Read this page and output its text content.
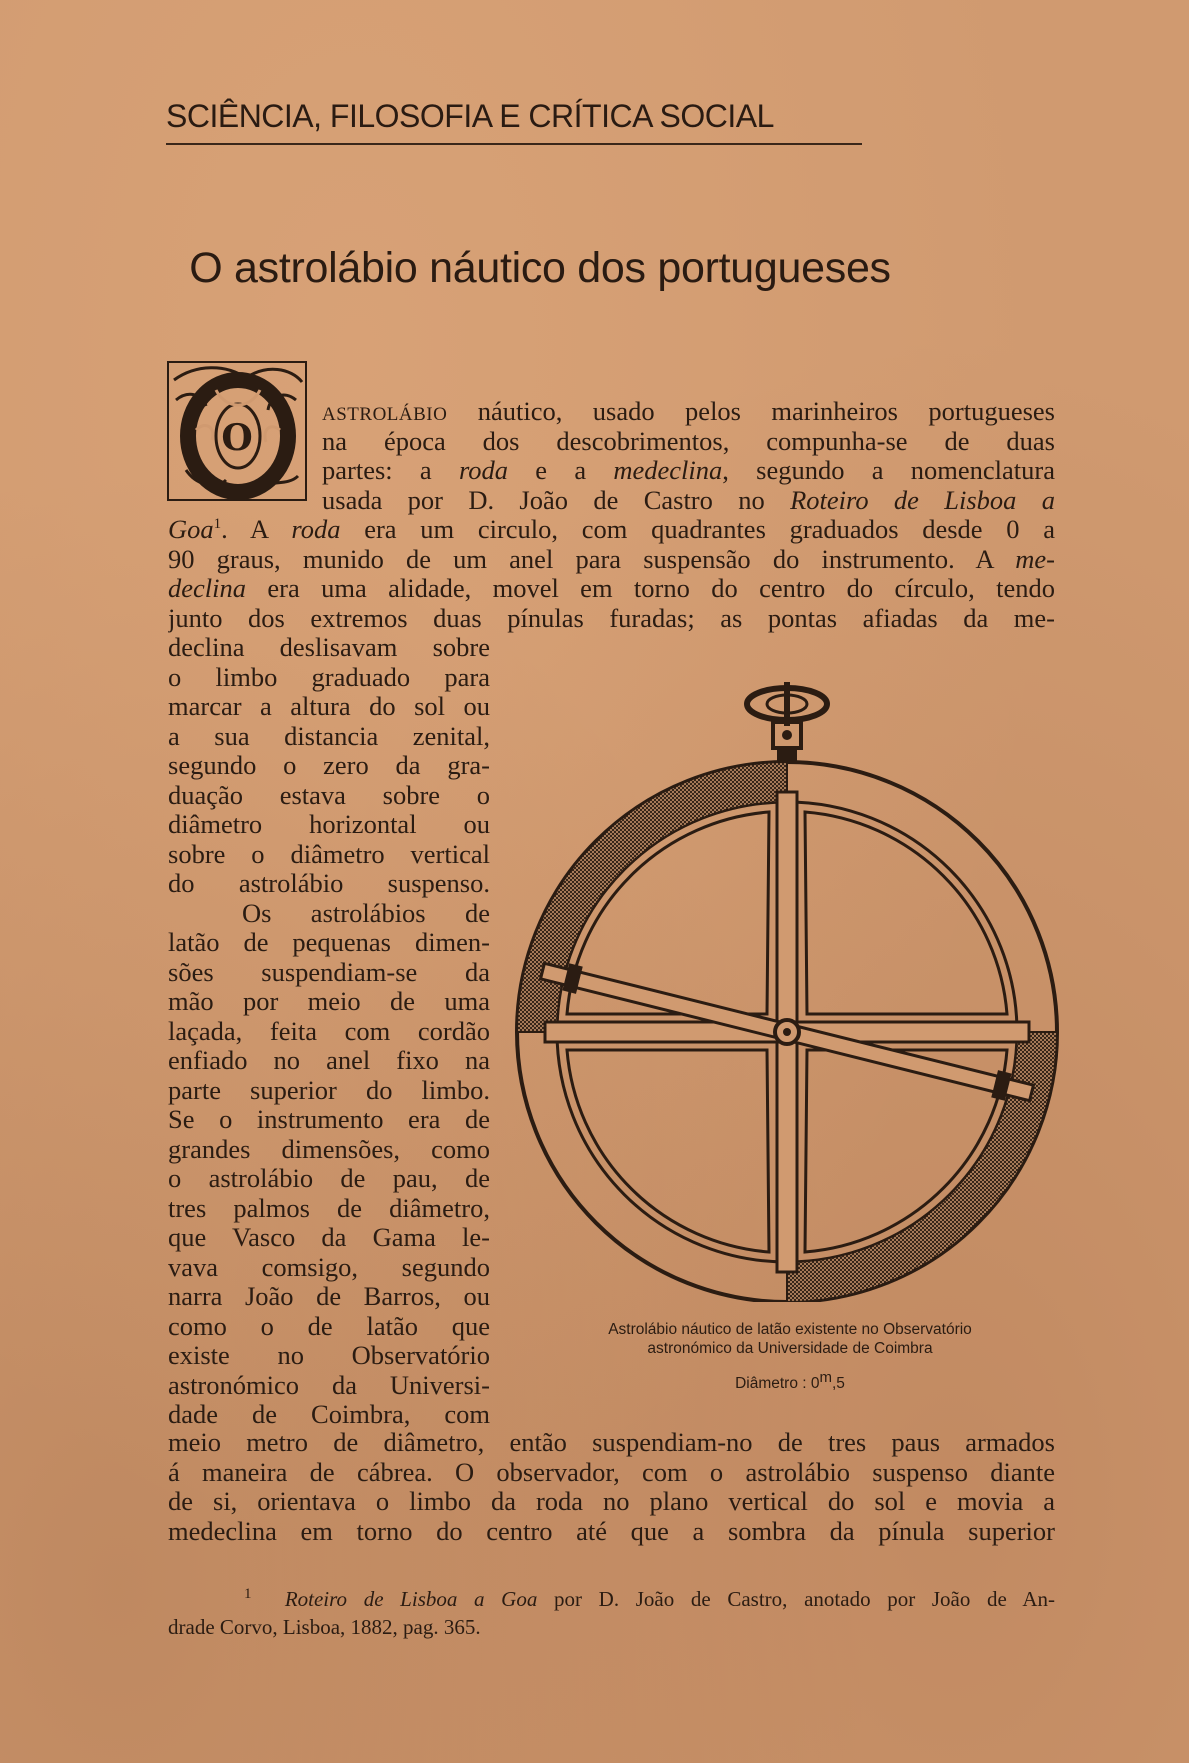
SCIÊNCIA, FILOSOFIA E CRÍTICA SOCIAL
O astrolábio náutico dos portugueses
O
astrolábio náutico, usado pelos marinheiros portugueses
na época dos descobrimentos, compunha-se de duas
partes: a roda e a medeclina, segundo a nomenclatura
usada por D. João de Castro no Roteiro de Lisboa a
Goa$^1$. A roda era um circulo, com quadrantes graduados desde 0 a
90 graus, munido de um anel para suspensão do instrumento. A me-
declina era uma alidade, movel em torno do centro do círculo, tendo
junto dos extremos duas pínulas furadas; as pontas afiadas da me-
declina deslisavam sobre
o limbo graduado para
marcar a altura do sol ou
a sua distancia zenital,
segundo o zero da gra-
duação estava sobre o
diâmetro horizontal ou
sobre o diâmetro vertical
do astrolábio suspenso.
Os astrolábios de
latão de pequenas dimen-
sões suspendiam-se da
mão por meio de uma
laçada, feita com cordão
enfiado no anel fixo na
parte superior do limbo.
Se o instrumento era de
grandes dimensões, como
o astrolábio de pau, de
tres palmos de diâmetro,
que Vasco da Gama le-
vava comsigo, segundo
narra João de Barros, ou
como o de latão que
existe no Observatório
astronómico da Universi-
dade de Coimbra, com
Astrolábio náutico de latão existente no Observatório
astronómico da Universidade de Coimbra
Diâmetro : 0$^m$,5
meio metro de diâmetro, então suspendiam-no de tres paus armados
á maneira de cábrea. O observador, com o astrolábio suspenso diante
de si, orientava o limbo da roda no plano vertical do sol e movia a
medeclina em torno do centro até que a sombra da pínula superior
$^1$ Roteiro de Lisboa a Goa por D. João de Castro, anotado por João de An-
drade Corvo, Lisboa, 1882, pag. 365.
